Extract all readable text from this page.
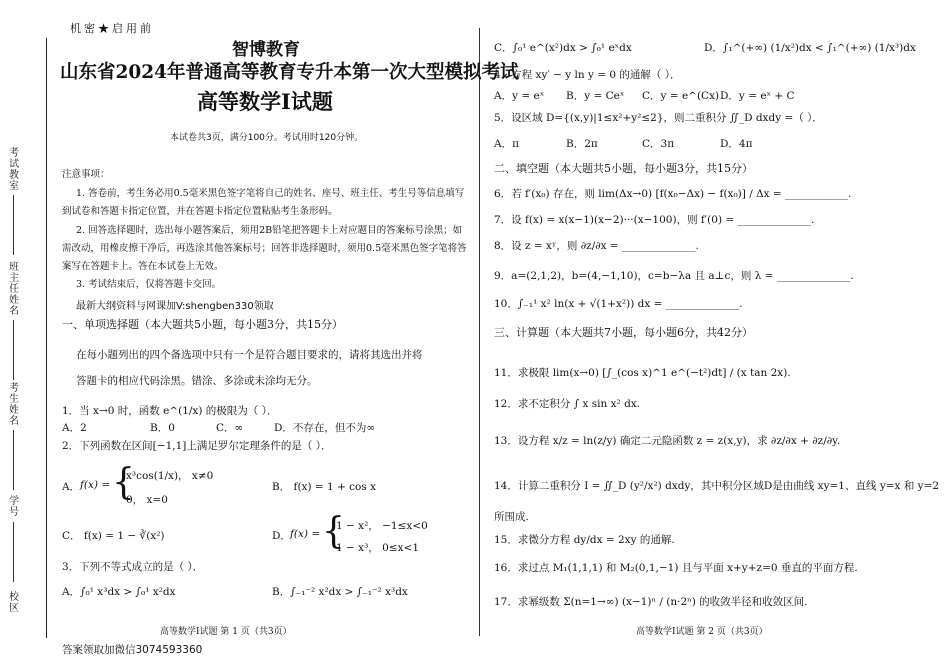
考
试
教
室
班
主
任
姓
名
考
生
姓
名
学
号
校
区
机密★启用前
智博教育
山东省2024年普通高等教育专升本第一次大型模拟考试
高等数学I试题
本试卷共3页，满分100分。考试用时120分钟。
注意事项：
1. 答卷前，考生务必用0.5毫米黑色签字笔将自己的姓名、座号、班主任、考生号等信息填写
到试卷和答题卡指定位置，并在答题卡指定位置粘贴考生条形码。
2. 回答选择题时，选出每小题答案后，须用2B铅笔把答题卡上对应题目的答案标号涂黑；如
需改动，用橡皮擦干净后，再选涂其他答案标号；回答非选择题时，须用0.5毫米黑色签字笔将答
案写在答题卡上。答在本试卷上无效。
3. 考试结束后，仅将答题卡交回。
最新大纲资料与网课加V:shengben330领取
一、单项选择题（本大题共5小题，每小题3分，共15分）
在每小题列出的四个备选项中只有一个是符合题目要求的，请将其选出并将
答题卡的相应代码涂黑。错涂、多涂或未涂均无分。
1．当 x→0 时，函数 e^(1/x) 的极限为（ ）．
A．2	B．0	C．∞	D．不存在，但不为∞
2．下列函数在区间[−1,1]上满足罗尔定理条件的是（ ）．
A． f(x) = {
x³cos(1/x)， x≠0
0， x=0
B． f(x) = 1 + cos x
C． f(x) = 1 − ∛(x²)	D． f(x) = {
1 − x²， −1≤x<0
1 − x³， 0≤x<1
3．下列不等式成立的是（ ）．
A．∫₀¹ x³dx > ∫₀¹ x²dx	B．∫₋₁⁻² x²dx > ∫₋₁⁻² x³dx
高等数学I试题 第 1 页（共3页）
答案领取加微信3074593360
C．∫₀¹ e^(x²)dx > ∫₀¹ eˣdx	D．∫₁^(+∞) (1/x²)dx < ∫₁^(+∞) (1/x³)dx
4．方程 xy′ − y ln y = 0 的通解（ ）．
A．y = eˣ B．y = Ceˣ C．y = e^(Cx) D．y = eˣ + C
5．设区域 D={(x,y)|1≤x²+y²≤2}，则二重积分 ∬_D dxdy =（ ）．
A．π	B．2π	C．3π	D．4π
二、填空题（本大题共5小题，每小题3分，共15分）
6．若 f′(x₀) 存在，则 lim(Δx→0) [f(x₀−Δx) − f(x₀)] / Δx = ____________.
7．设 f(x) = x(x−1)(x−2)···(x−100)，则 f′(0) = ______________.
8．设 z = xʸ，则 ∂z/∂x = ______________.
9．a=(2,1,2)，b=(4,−1,10)，c=b−λa 且 a⊥c，则 λ = ______________.
10．∫₋₁¹ x² ln(x + √(1+x²)) dx = ______________.
三、计算题（本大题共7小题，每小题6分，共42分）
11．求极限 lim(x→0) [∫_(cos x)^1 e^(−t²)dt] / (x tan 2x).
12．求不定积分 ∫ x sin x² dx.
13．设方程 x/z = ln(z/y) 确定二元隐函数 z = z(x,y)，求 ∂z/∂x + ∂z/∂y.
14．计算二重积分 I = ∬_D (y²/x²) dxdy，其中积分区域D是由曲线 xy=1、直线 y=x 和 y=2
所围成.
15．求微分方程 dy/dx = 2xy 的通解.
16．求过点 M₁(1,1,1) 和 M₂(0,1,−1) 且与平面 x+y+z=0 垂直的平面方程.
17．求幂级数 Σ(n=1→∞) (x−1)ⁿ / (n·2ⁿ) 的收敛半径和收敛区间.
高等数学I试题 第 2 页（共3页）
